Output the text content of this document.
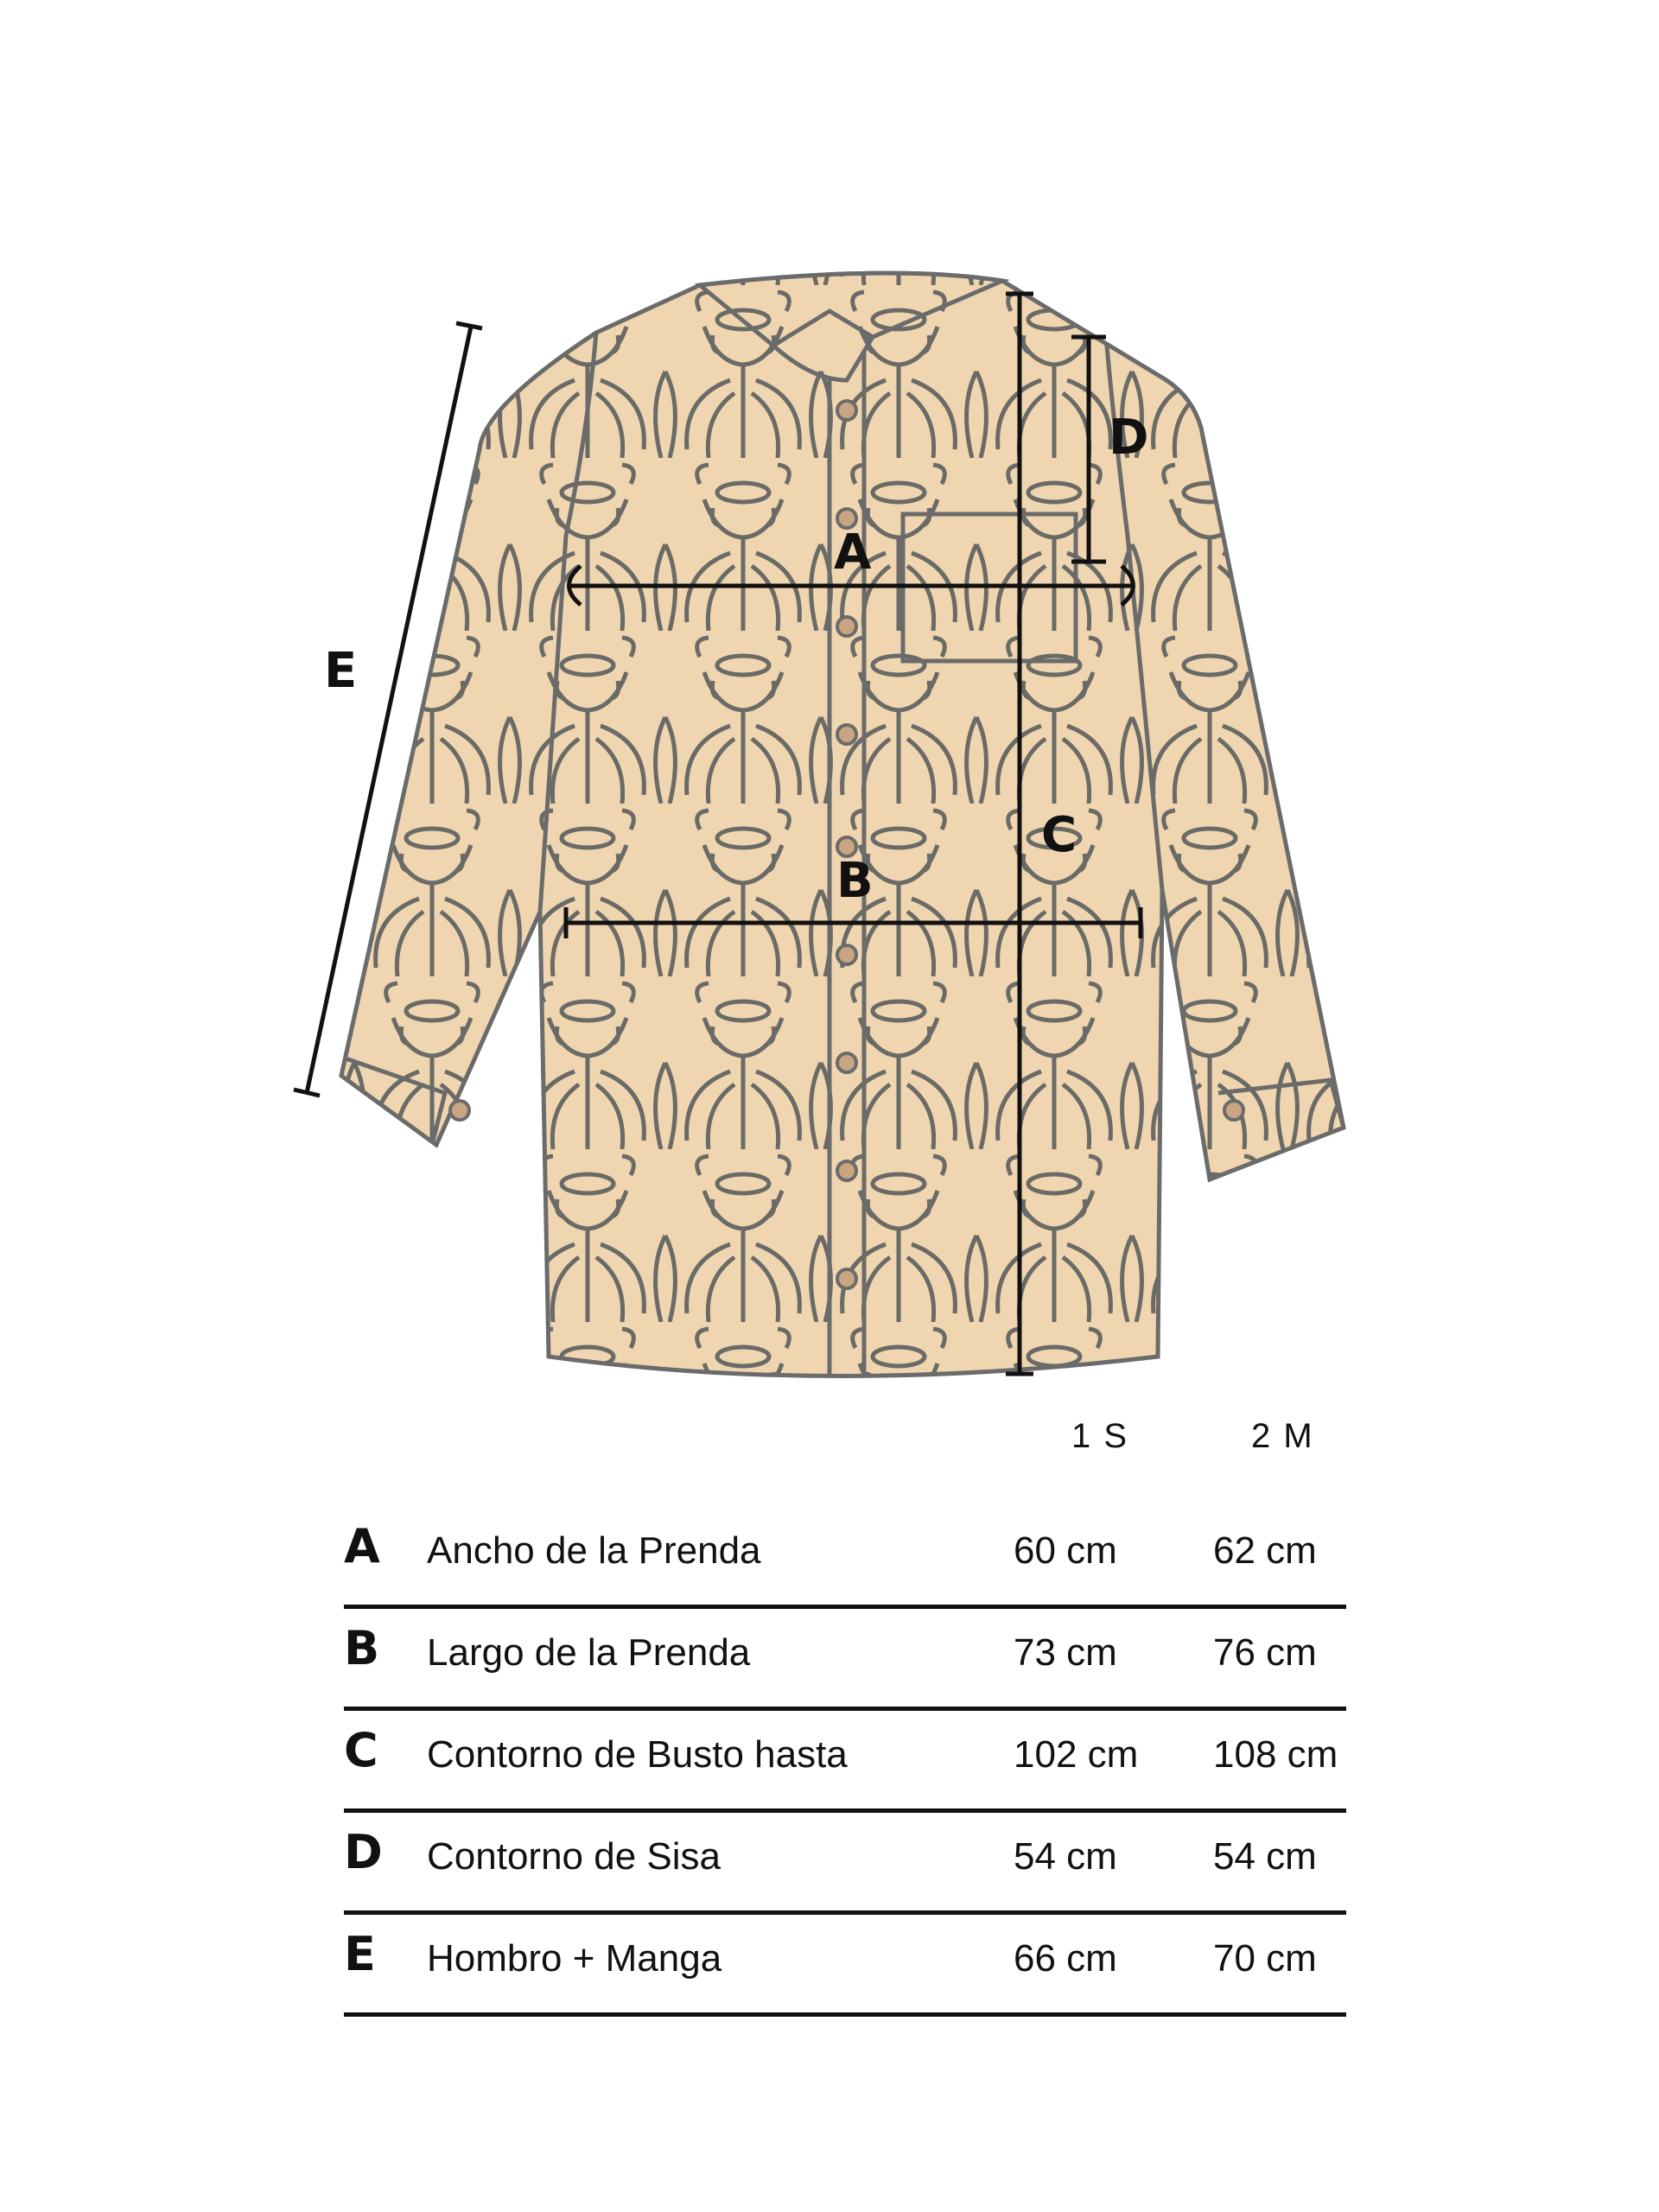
A
B
C
D
E
1 S	2 M
A Ancho de la Prenda	60 cm	62 cm
B Largo de la Prenda	73 cm	76 cm
C Contorno de Busto hasta	102 cm 108 cm
D Contorno de Sisa	54 cm	54 cm
E Hombro + Manga	66 cm	70 cm
